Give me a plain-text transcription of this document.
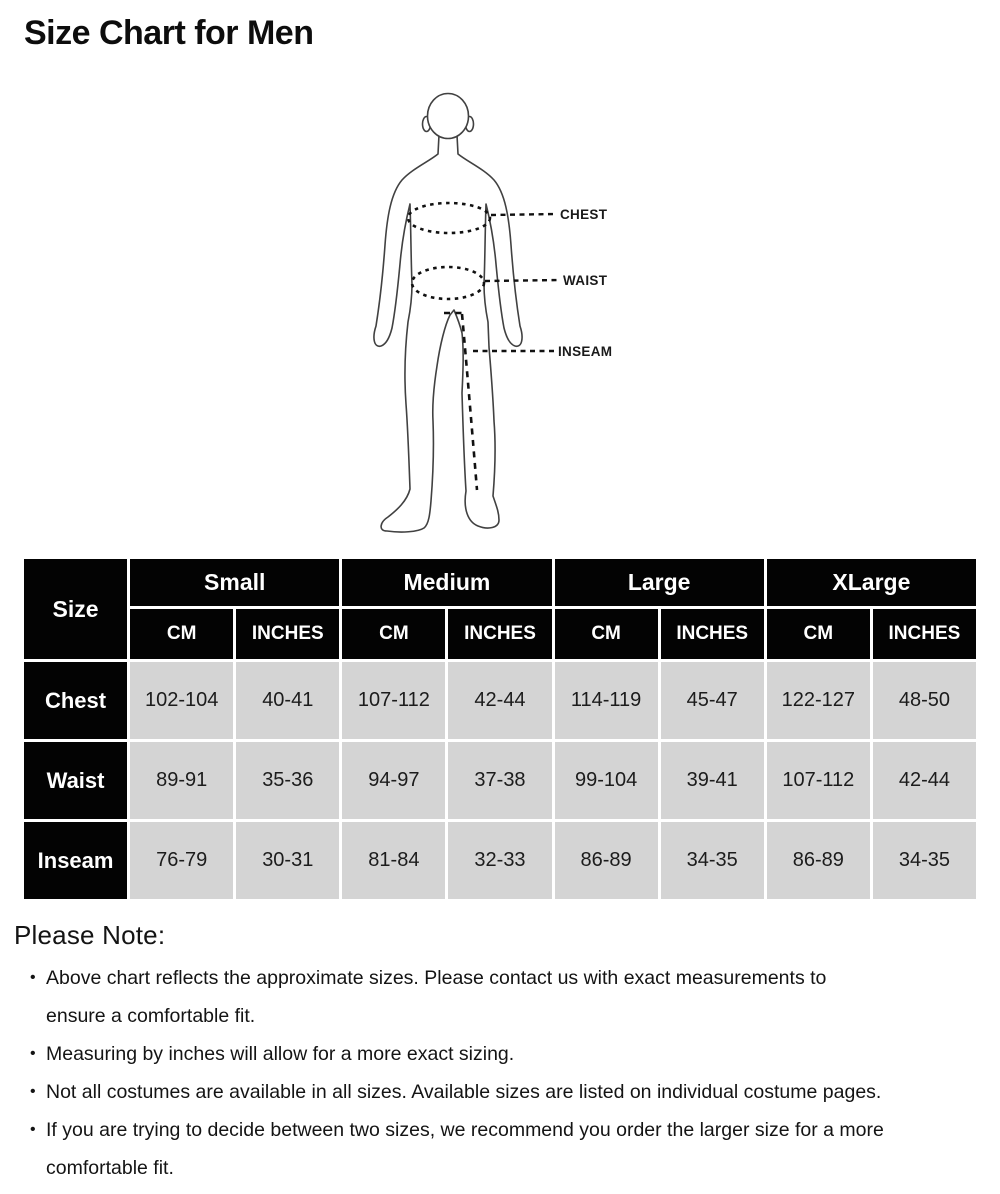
Size Chart for Men
CHEST
WAIST
INSEAM
Size	Small		Medium		Large		XLarge	
	CM	INCHES	CM	INCHES	CM	INCHES	CM	INCHES
Chest	102-104	40-41	107-112	42-44	114-119	45-47	122-127	48-50
Waist	89-91	35-36	94-97	37-38	99-104	39-41	107-112	42-44
Inseam	76-79	30-31	81-84	32-33	86-89	34-35	86-89	34-35
Please Note:
• Above chart reflects the approximate sizes. Please contact us with exact measurements to
ensure a comfortable fit.
• Measuring by inches will allow for a more exact sizing.
• Not all costumes are available in all sizes. Available sizes are listed on individual costume pages.
• If you are trying to decide between two sizes, we recommend you order the larger size for a more
comfortable fit.
